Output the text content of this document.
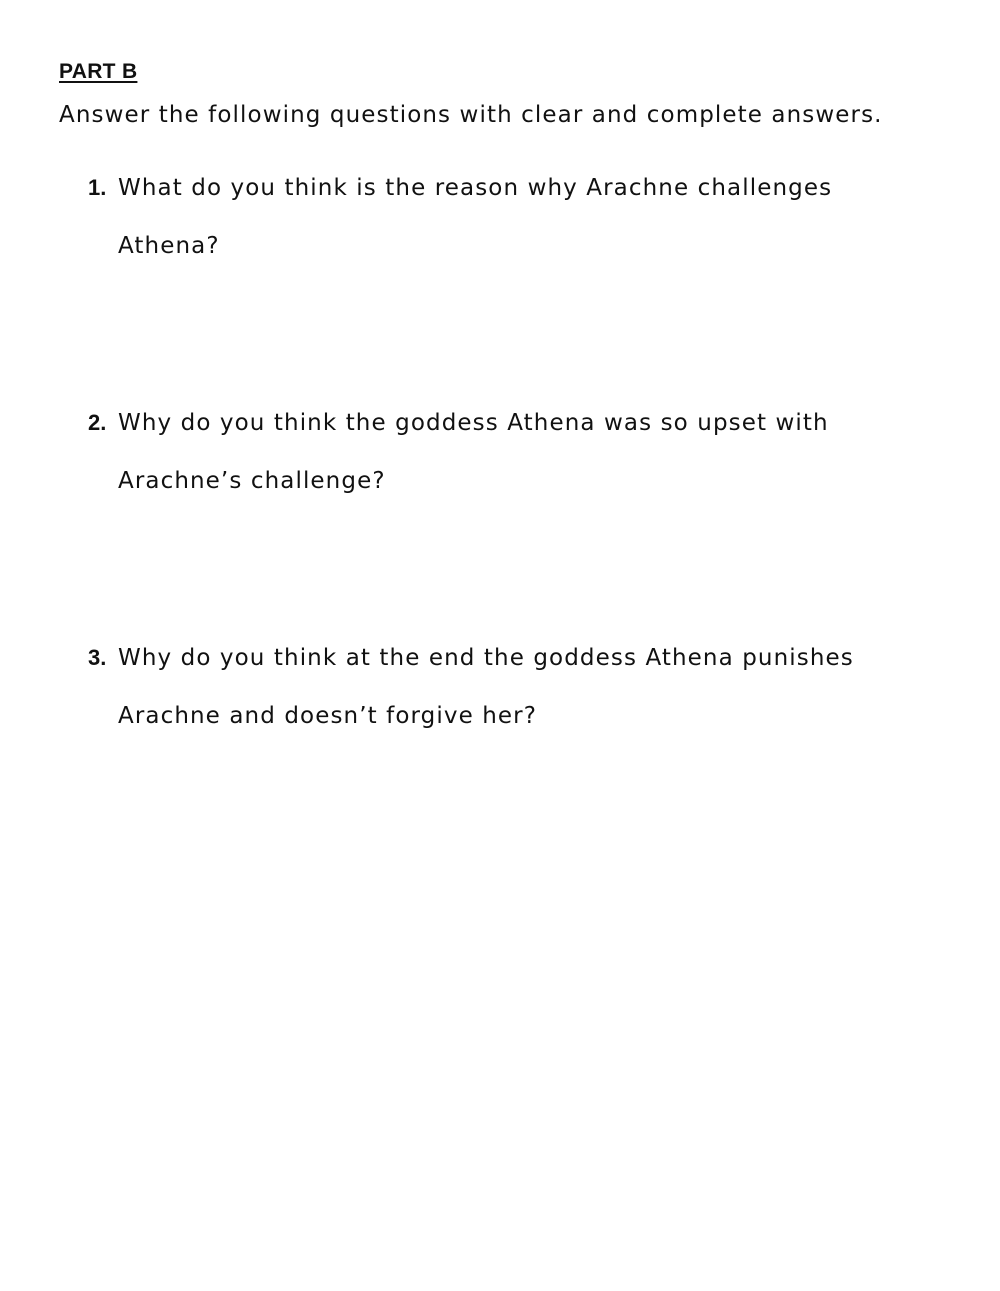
PART B
Answer the following questions with clear and complete answers.
1. What do you think is the reason why Arachne challenges
Athena?
2. Why do you think the goddess Athena was so upset with
Arachne’s challenge?
3. Why do you think at the end the goddess Athena punishes
Arachne and doesn’t forgive her?
